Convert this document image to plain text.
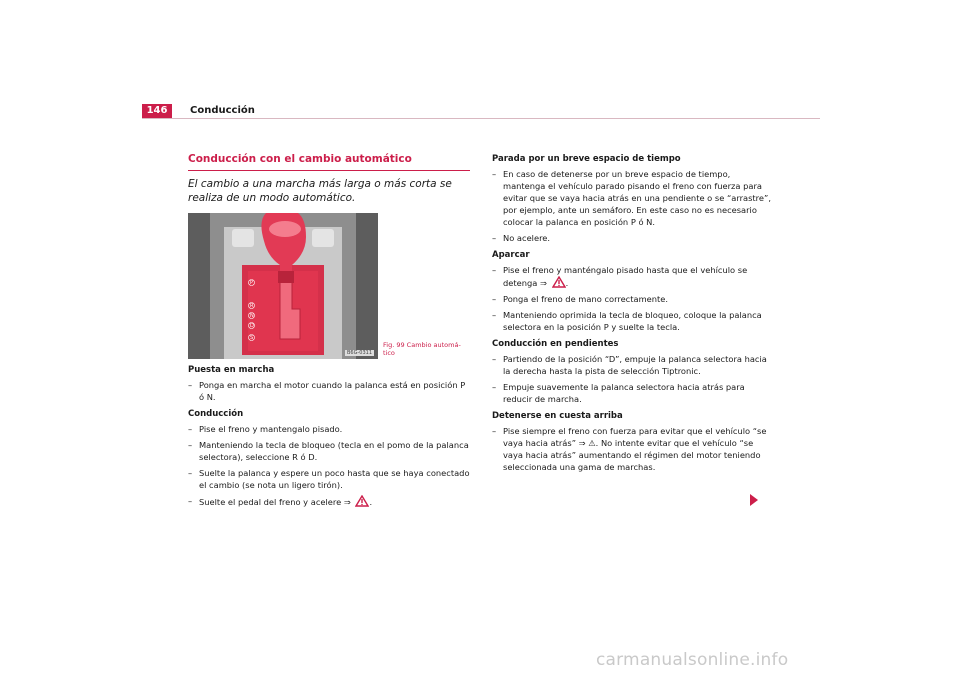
146	Conducción
Conducción con el cambio automático

El cambio a una marcha más larga o más corta se realiza de un modo automático.

P
R
N
D
S
B6G-0311
Fig. 99 Cambio automá-tico
Puesta en marcha
– Ponga en marcha el motor cuando la palanca está en posición P ó N.
Conducción
– Pise el freno y mantengalo pisado.
– Manteniendo la tecla de bloqueo (tecla en el pomo de la palanca selectora), seleccione R ó D.
– Suelte la palanca y espere un poco hasta que se haya conectado el cambio (se nota un ligero tirón).
– Suelte el pedal del freno y acelere ⇒ .
Parada por un breve espacio de tiempo
– En caso de detenerse por un breve espacio de tiempo, mantenga el vehículo parado pisando el freno con fuerza para evitar que se vaya hacia atrás en una pendiente o se “arrastre”, por ejemplo, ante un semáforo. En este caso no es necesario colocar la palanca en posición P ó N.
– No acelere.
Aparcar
– Pise el freno y manténgalo pisado hasta que el vehículo se detenga ⇒ .
– Ponga el freno de mano correctamente.
– Manteniendo oprimida la tecla de bloqueo, coloque la palanca selectora en la posición P y suelte la tecla.
Conducción en pendientes
– Partiendo de la posición “D”, empuje la palanca selectora hacia la derecha hasta la pista de selección Tiptronic.
– Empuje suavemente la palanca selectora hacia atrás para reducir de marcha.
Detenerse en cuesta arriba
– Pise siempre el freno con fuerza para evitar que el vehículo “se vaya hacia atrás” ⇒ ⚠. No intente evitar que el vehículo “se vaya hacia atrás” aumentando el régimen del motor teniendo seleccionada una gama de marchas.
carmanualsonline.info
